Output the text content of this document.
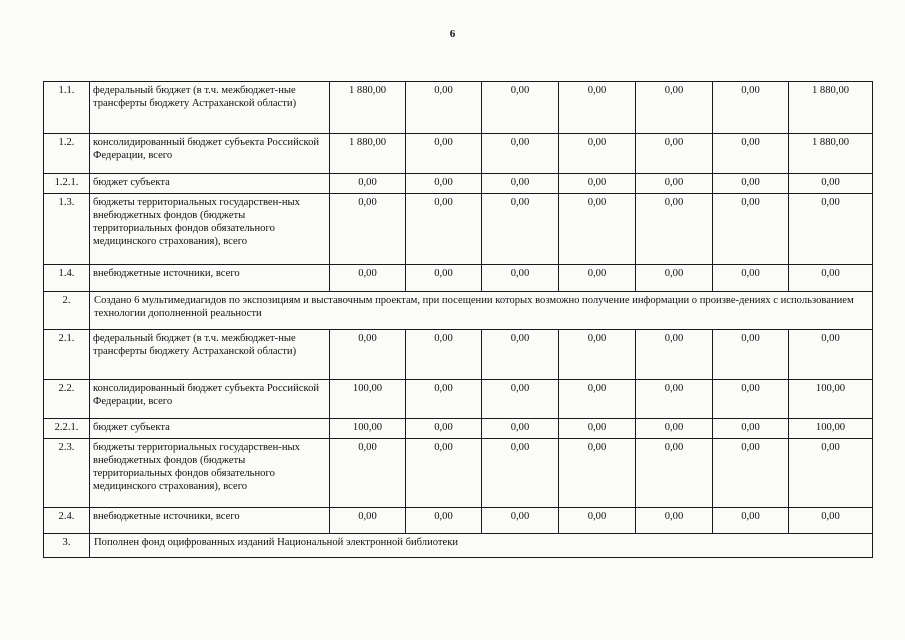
6
1.1.	федеральный бюджет (в т.ч. межбюджет-ные трансферты бюджету Астраханской области)	1 880,00	0,00	0,00	0,00	0,00	0,00	1 880,00
1.2.	консолидированный бюджет субъекта Российской Федерации, всего	1 880,00	0,00	0,00	0,00	0,00	0,00	1 880,00
1.2.1.	бюджет субъекта	0,00	0,00	0,00	0,00	0,00	0,00	0,00
1.3.	бюджеты территориальных государствен-ных внебюджетных фондов (бюджеты территориальных фондов обязательного медицинского страхования), всего	0,00	0,00	0,00	0,00	0,00	0,00	0,00
1.4.	внебюджетные источники, всего	0,00	0,00	0,00	0,00	0,00	0,00	0,00
2.	Создано 6 мультимедиагидов по экспозициям и выставочным проектам, при посещении которых возможно получение информации о произве-дениях с использованием технологии дополненной реальности							
2.1.	федеральный бюджет (в т.ч. межбюджет-ные трансферты бюджету Астраханской области)	0,00	0,00	0,00	0,00	0,00	0,00	0,00
2.2.	консолидированный бюджет субъекта Российской Федерации, всего	100,00	0,00	0,00	0,00	0,00	0,00	100,00
2.2.1.	бюджет субъекта	100,00	0,00	0,00	0,00	0,00	0,00	100,00
2.3.	бюджеты территориальных государствен-ных внебюджетных фондов (бюджеты территориальных фондов обязательного медицинского страхования), всего	0,00	0,00	0,00	0,00	0,00	0,00	0,00
2.4.	внебюджетные источники, всего	0,00	0,00	0,00	0,00	0,00	0,00	0,00
3.	Пополнен фонд оцифрованных изданий Национальной электронной библиотеки							
